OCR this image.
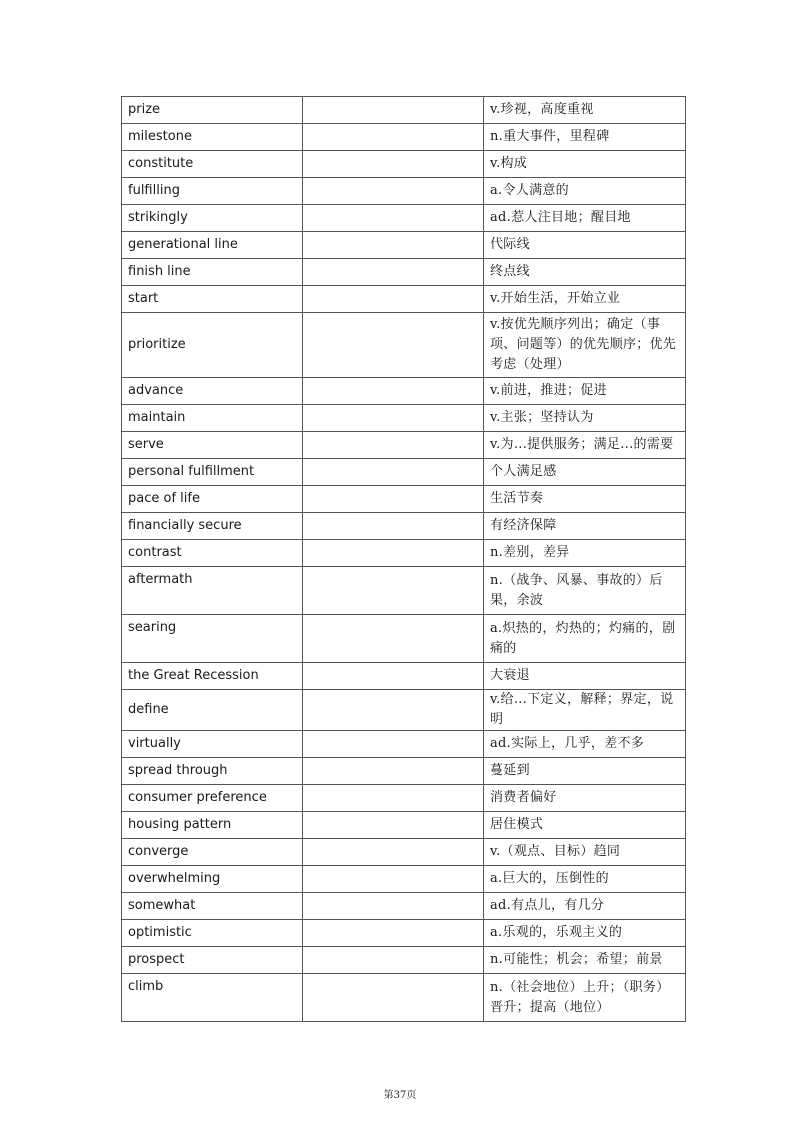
prize		v.珍视，高度重视
milestone		n.重大事件，里程碑
constitute		v.构成
fulfilling		a.令人满意的
strikingly		ad.惹人注目地；醒目地
generational line		代际线
finish line		终点线
start		v.开始生活，开始立业
prioritize		v.按优先顺序列出；确定（事项、问题等）的优先顺序；优先考虑（处理）
advance		v.前进，推进；促进
maintain		v.主张；坚持认为
serve		v.为...提供服务；满足...的需要
personal fulfillment		个人满足感
pace of life		生活节奏
financially secure		有经济保障
contrast		n.差别，差异
aftermath		n.（战争、风暴、事故的）后果，余波
searing		a.炽热的，灼热的；灼痛的，剧痛的
the Great Recession		大衰退
define		v.给...下定义，解释；界定，说明
virtually		ad.实际上，几乎，差不多
spread through		蔓延到
consumer preference		消费者偏好
housing pattern		居住模式
converge		v.（观点、目标）趋同
overwhelming		a.巨大的，压倒性的
somewhat		ad.有点儿，有几分
optimistic		a.乐观的，乐观主义的
prospect		n.可能性；机会；希望；前景
climb		n.（社会地位）上升；（职务）晋升；提高（地位）
第37页
